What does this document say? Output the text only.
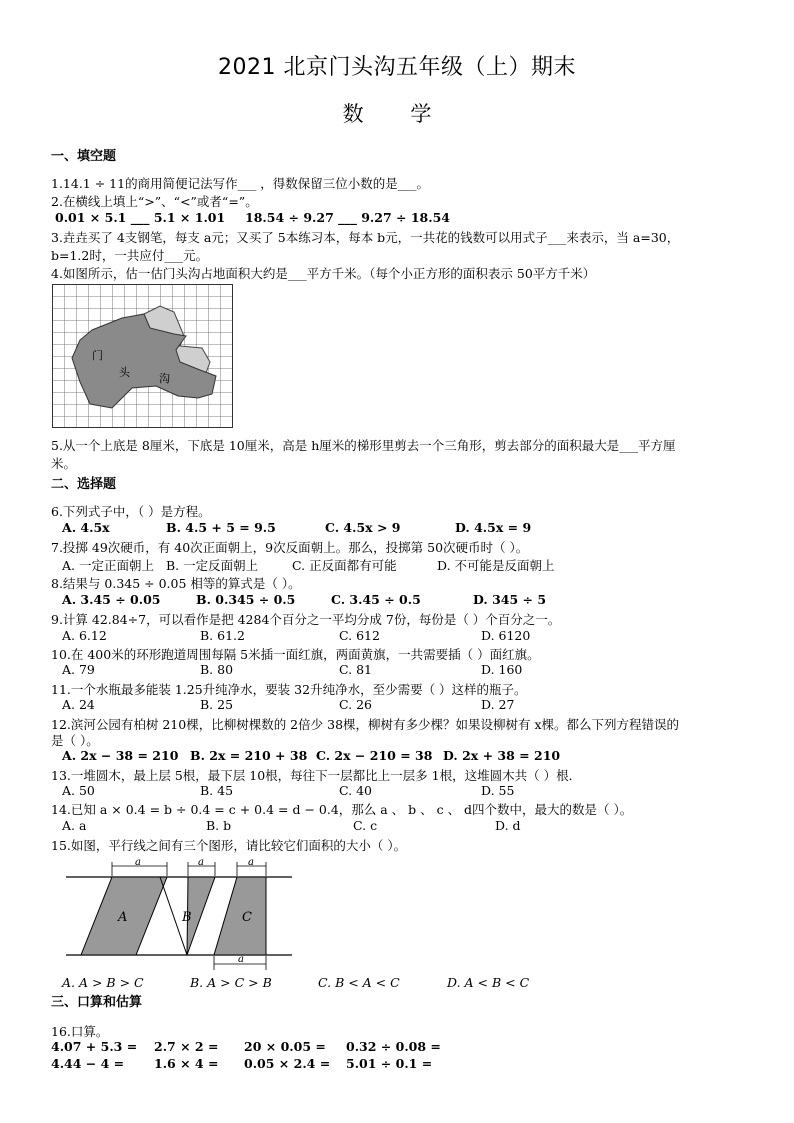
2021 北京门头沟五年级（上）期末
数 学
一、填空题
1.14.1 ÷ 11的商用简便记法写作___ ，得数保留三位小数的是___。
2.在横线上填上“>”、“<”或者“=”。
0.01 × 5.1 ___ 5.1 × 1.01 18.54 ÷ 9.27 ___ 9.27 ÷ 18.54
3.垚垚买了 4支钢笔，每支 a元；又买了 5本练习本，每本 b元，一共花的钱数可以用式子___来表示，当 a=30，
b=1.2时，一共应付___元。
4.如图所示，估一估门头沟占地面积大约是___平方千米。（每个小正方形的面积表示 50平方千米）
门
头	沟
5.从一个上底是 8厘米，下底是 10厘米，高是 h厘米的梯形里剪去一个三角形，剪去部分的面积最大是___平方厘
米。
二、选择题
6.下列式子中，（ ）是方程。
A. 4.5x	B. 4.5 + 5 = 9.5	C. 4.5x > 9	D. 4.5x = 9
7.投掷 49次硬币，有 40次正面朝上，9次反面朝上。那么，投掷第 50次硬币时（ ）。
A. 一定正面朝上 B. 一定反面朝上	C. 正反面都有可能	D. 不可能是反面朝上
8.结果与 0.345 ÷ 0.05 相等的算式是（ ）。
A. 3.45 ÷ 0.05	B. 0.345 ÷ 0.5	C. 3.45 ÷ 0.5	D. 345 ÷ 5
9.计算 42.84÷7，可以看作是把 4284个百分之一平均分成 7份，每份是（ ）个百分之一。
A. 6.12	B. 61.2	C. 612	D. 6120
10.在 400米的环形跑道周围每隔 5米插一面红旗，两面黄旗，一共需要插（ ）面红旗。
A. 79	B. 80	C. 81	D. 160
11.一个水瓶最多能装 1.25升纯净水，要装 32升纯净水，至少需要（ ）这样的瓶子。
A. 24	B. 25	C. 26	D. 27
12.滨河公园有柏树 210棵，比柳树棵数的 2倍少 38棵，柳树有多少棵？如果设柳树有 x棵。都么下列方程错误的
是（ ）。
A. 2x − 38 = 210 B. 2x = 210 + 38 C. 2x − 210 = 38 D. 2x + 38 = 210
13.一堆圆木，最上层 5根，最下层 10根，每往下一层都比上一层多 1根，这堆圆木共（ ）根．
A. 50	B. 45	C. 40	D. 55
14.已知 a × 0.4 = b ÷ 0.4 = c + 0.4 = d − 0.4，那么 a 、 b 、 c 、 d四个数中，最大的数是（ ）。
A. a	B. b	C. c	D. d
15.如图，平行线之间有三个图形，请比较它们面积的大小（ ）。
a	a	a
a
A	B	C
A. A > B > C	B. A > C > B	C. B < A < C	D. A < B < C
三、口算和估算
16.口算。
4.07 + 5.3 = 2.7 × 2 = 20 × 0.05 = 0.32 ÷ 0.08 =
4.44 − 4 = 1.6 × 4 = 0.05 × 2.4 = 5.01 ÷ 0.1 =
